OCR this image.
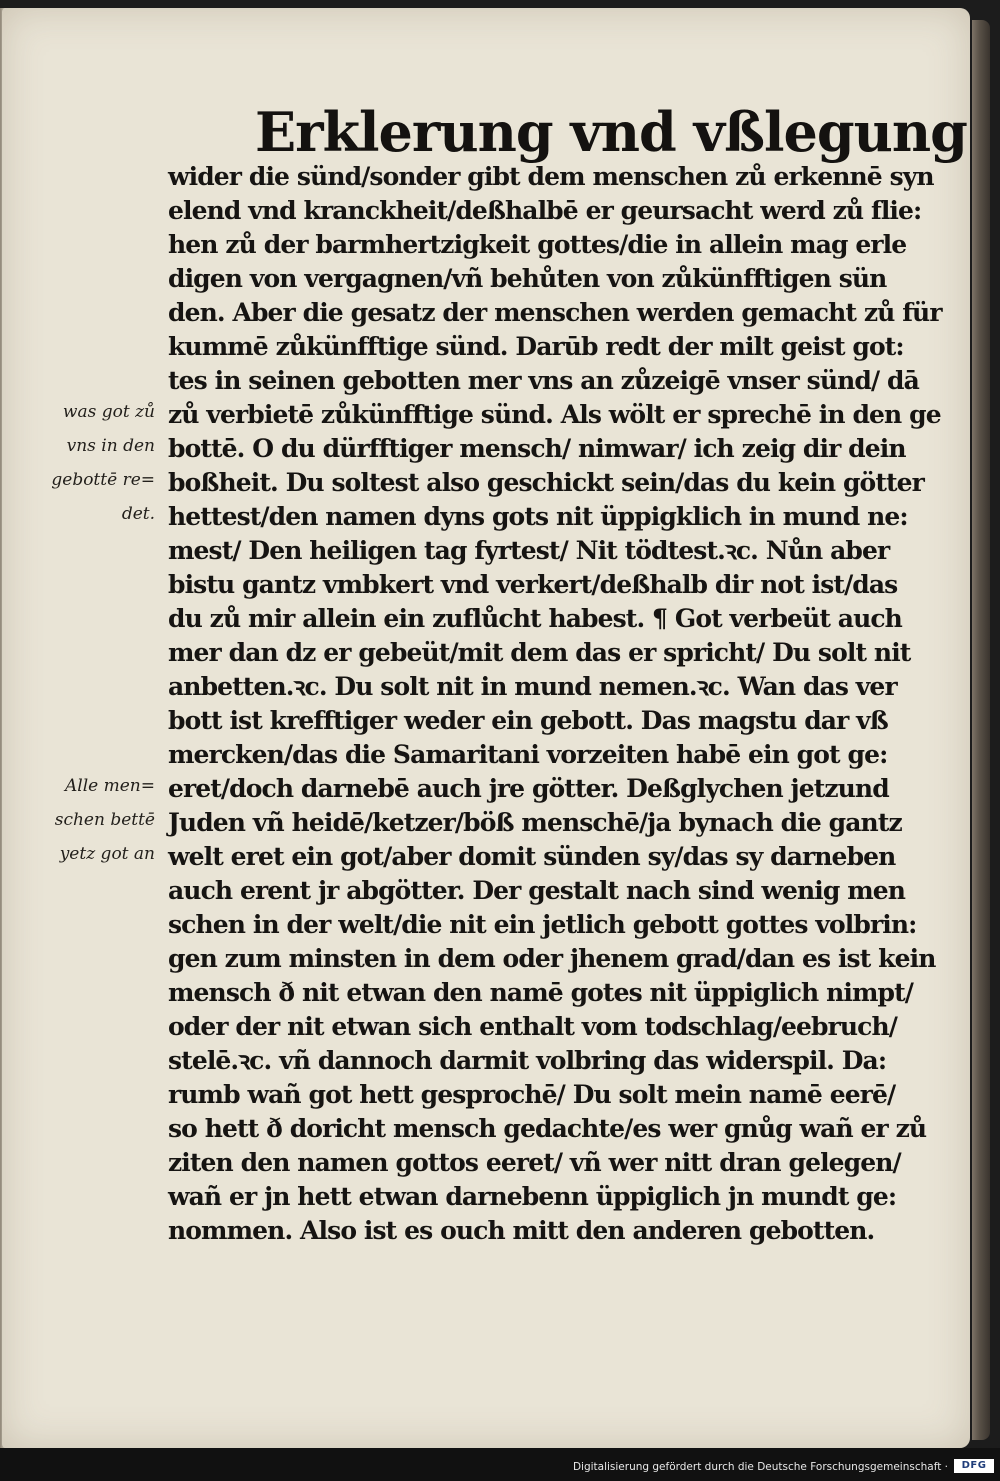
Erklerung vnd vßlegung
wider die sünd/sonder gibt dem menschen zů erkennē syn
elend vnd kranckheit/deßhalbē er geursacht werd zů flie:
hen zů der barmhertzigkeit gottes/die in allein mag erle
digen von vergagnen/vñ behůten von zůkünfftigen sün
den. Aber die gesatz der menschen werden gemacht zů für
kummē zůkünfftige sünd. Darūb redt der milt geist got:
tes in seinen gebotten mer vns an zůzeigē vnser sünd/ dā
zů verbietē zůkünfftige sünd. Als wölt er sprechē in den ge
bottē. O du dürfftiger mensch/ nimwar/ ich zeig dir dein
boßheit. Du soltest also geschickt sein/das du kein götter
hettest/den namen dyns gots nit üppigklich in mund ne:
mest/ Den heiligen tag fyrtest/ Nit tödtest.ꝛc. Nůn aber
bistu gantz vmbkert vnd verkert/deßhalb dir not ist/das
du zů mir allein ein zuflůcht habest. ¶ Got verbeüt auch
mer dan dz er gebeüt/mit dem das er spricht/ Du solt nit
anbetten.ꝛc. Du solt nit in mund nemen.ꝛc. Wan das ver
bott ist krefftiger weder ein gebott. Das magstu dar vß
mercken/das die Samaritani vorzeiten habē ein got ge:
eret/doch darnebē auch jre götter. Deßglychen jetzund
Juden vñ heidē/ketzer/böß menschē/ja bynach die gantz
welt eret ein got/aber domit sünden sy/das sy darneben
auch erent jr abgötter. Der gestalt nach sind wenig men
schen in der welt/die nit ein jetlich gebott gottes volbrin:
gen zum minsten in dem oder jhenem grad/dan es ist kein
mensch ð nit etwan den namē gotes nit üppiglich nimpt/
oder der nit etwan sich enthalt vom todschlag/eebruch/
stelē.ꝛc. vñ dannoch darmit volbring das widerspil. Da:
rumb wañ got hett gesprochē/ Du solt mein namē eerē/
so hett ð doricht mensch gedachte/es wer gnůg wañ er zů
ziten den namen gottos eeret/ vñ wer nitt dran gelegen/
wañ er jn hett etwan darnebenn üppiglich jn mundt ge:
nommen. Also ist es ouch mitt den anderen gebotten.
was got zů
vns in den
gebottē re=
det.
Alle men=
schen bettē
yetz got an
Digitalisierung gefördert durch die Deutsche Forschungsgemeinschaft ·	DFG
